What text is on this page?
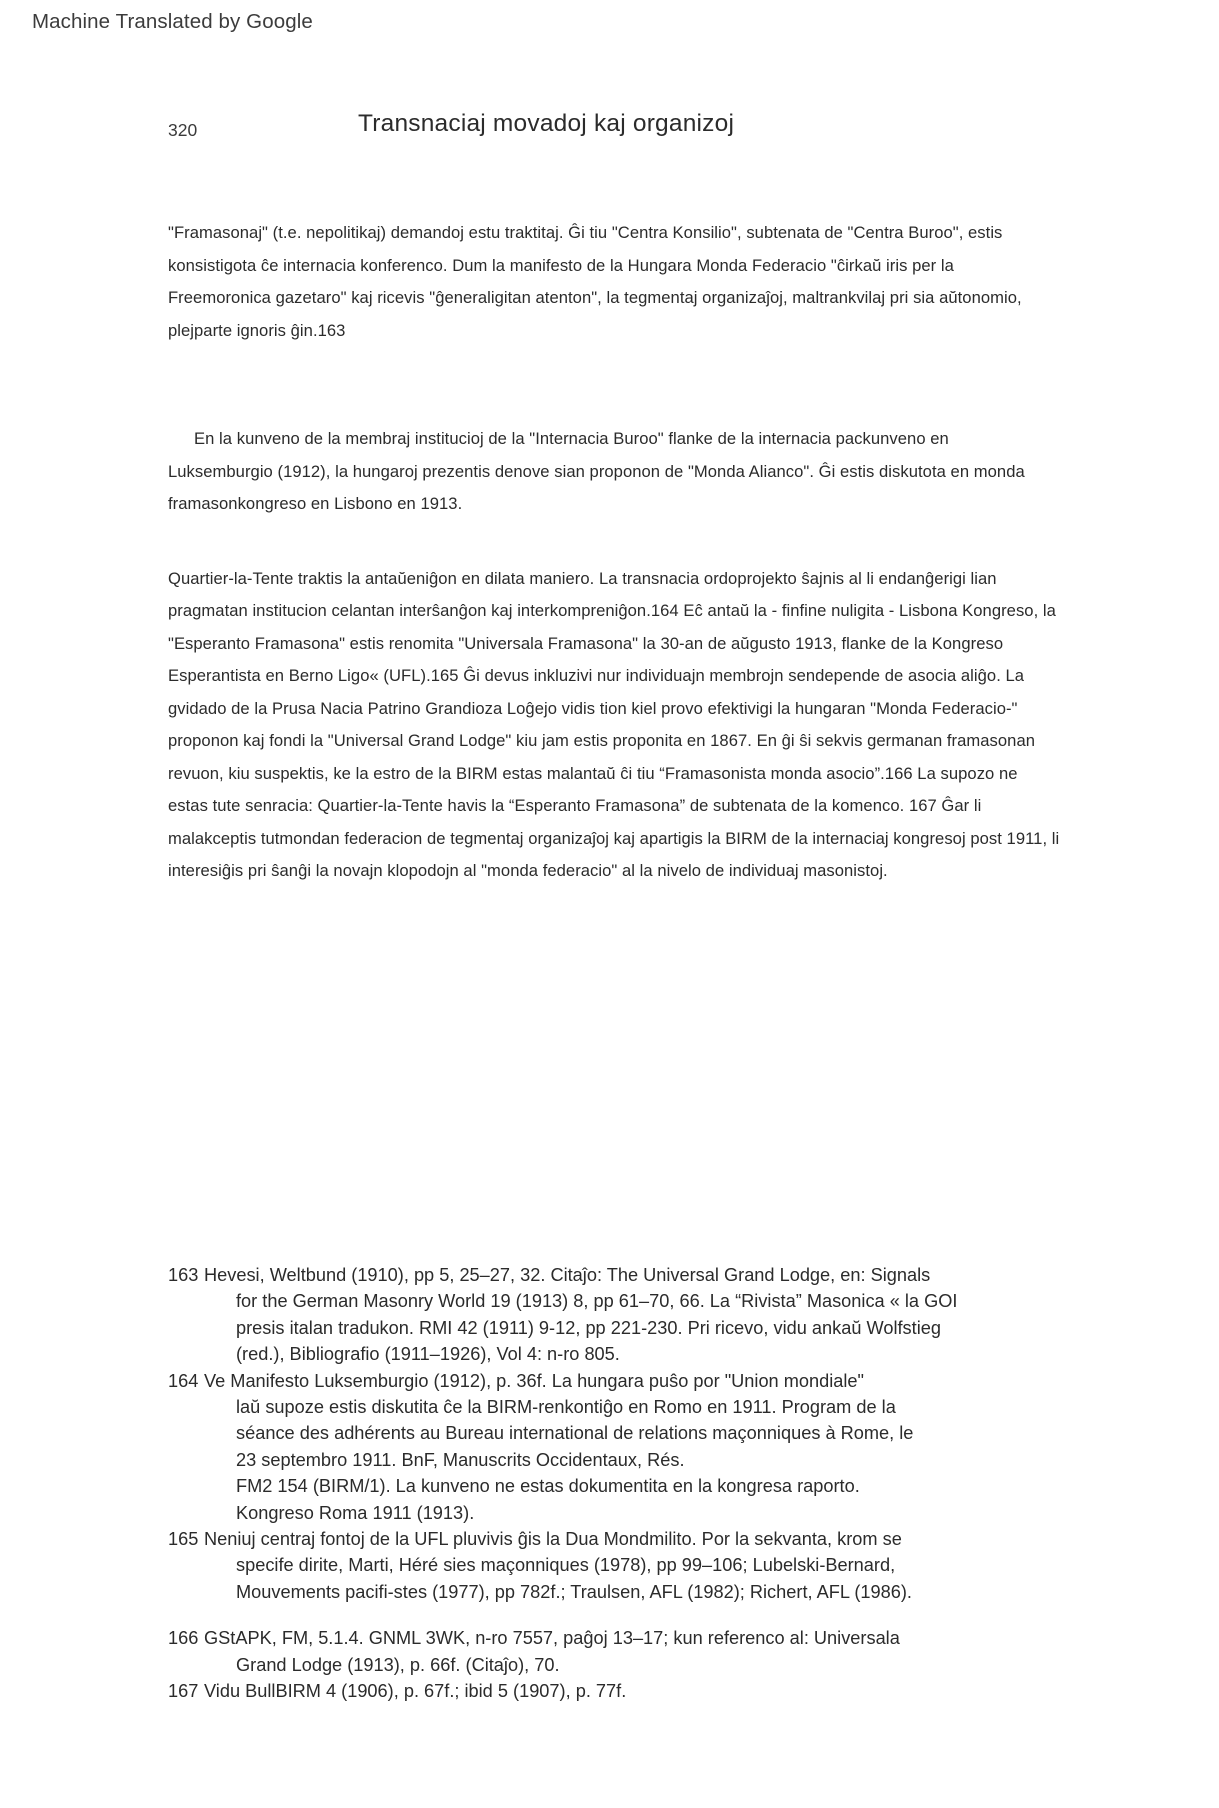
Machine Translated by Google
320	Transnaciaj movadoj kaj organizoj

"Framasonaj" (t.e. nepolitikaj) demandoj estu traktitaj. Ĝi tiu "Centra Konsilio", subtenata de "Centra Buroo", estis konsistigota ĉe internacia konferenco. Dum la manifesto de la Hungara Monda Federacio "ĉirkaŭ iris per la Freemoronica gazetaro" kaj ricevis "ĝeneraligitan atenton", la tegmentaj organizaĵoj, maltrankvilaj pri sia aŭtonomio, plejparte ignoris ĝin.163

En la kunveno de la membraj institucioj de la "Internacia Buroo" flanke de la internacia packunveno en Luksemburgio (1912), la hungaroj prezentis denove sian proponon de "Monda Alianco". Ĝi estis diskutota en monda framasonkongreso en Lisbono en 1913.

Quartier-la-Tente traktis la antaŭeniĝon en dilata maniero. La transnacia ordoprojekto ŝajnis al li endanĝerigi lian pragmatan institucion celantan interŝanĝon kaj interkompreniĝon.164 Eĉ antaŭ la - finfine nuligita - Lisbona Kongreso, la "Esperanto Framasona" estis renomita "Universala Framasona" la 30-an de aŭgusto 1913, flanke de la Kongreso Esperantista en Berno Ligo« (UFL).165 Ĝi devus inkluzivi nur individuajn membrojn sendepende de asocia aliĝo. La gvidado de la Prusa Nacia Patrino Grandioza Loĝejo vidis tion kiel provo efektivigi la hungaran "Monda Federacio-" proponon kaj fondi la "Universal Grand Lodge" kiu jam estis proponita en 1867. En ĝi ŝi sekvis germanan framasonan revuon, kiu suspektis, ke la estro de la BIRM estas malantaŭ ĉi tiu “Framasonista monda asocio”.166 La supozo ne estas tute senracia: Quartier-la-Tente havis la “Esperanto Framasona” de subtenata de la komenco. 167 Ĝar li malakceptis tutmondan federacion de tegmentaj organizaĵoj kaj apartigis la BIRM de la internaciaj kongresoj post 1911, li interesiĝis pri ŝanĝi la novajn klopodojn al "monda federacio" al la nivelo de individuaj masonistoj.

163 Hevesi, Weltbund (1910), pp 5, 25–27, 32. Citaĵo: The Universal Grand Lodge, en: Signals
for the German Masonry World 19 (1913) 8, pp 61–70, 66. La “Rivista” Masonica « la GOI
presis italan tradukon. RMI 42 (1911) 9-12, pp 221-230. Pri ricevo, vidu ankaŭ Wolfstieg
(red.), Bibliografio (1911–1926), Vol 4: n-ro 805.
164 Ve Manifesto Luksemburgio (1912), p. 36f. La hungara puŝo por "Union mondiale"
laŭ supoze estis diskutita ĉe la BIRM-renkontiĝo en Romo en 1911. Program de la
séance des adhérents au Bureau international de relations maçonniques à Rome, le
23 septembro 1911. BnF, Manuscrits Occidentaux, Rés.
FM2 154 (BIRM/1). La kunveno ne estas dokumentita en la kongresa raporto.
Kongreso Roma 1911 (1913).
165 Neniuj centraj fontoj de la UFL pluvivis ĝis la Dua Mondmilito. Por la sekvanta, krom se
specife dirite, Marti, Héré sies maçonniques (1978), pp 99–106; Lubelski-Bernard,
Mouvements pacifi-stes (1977), pp 782f.; Traulsen, AFL (1982); Richert, AFL (1986).
166 GStAPK, FM, 5.1.4. GNML 3WK, n-ro 7557, paĝoj 13–17; kun referenco al: Universala
Grand Lodge (1913), p. 66f. (Citaĵo), 70.
167 Vidu BullBIRM 4 (1906), p. 67f.; ibid 5 (1907), p. 77f.
